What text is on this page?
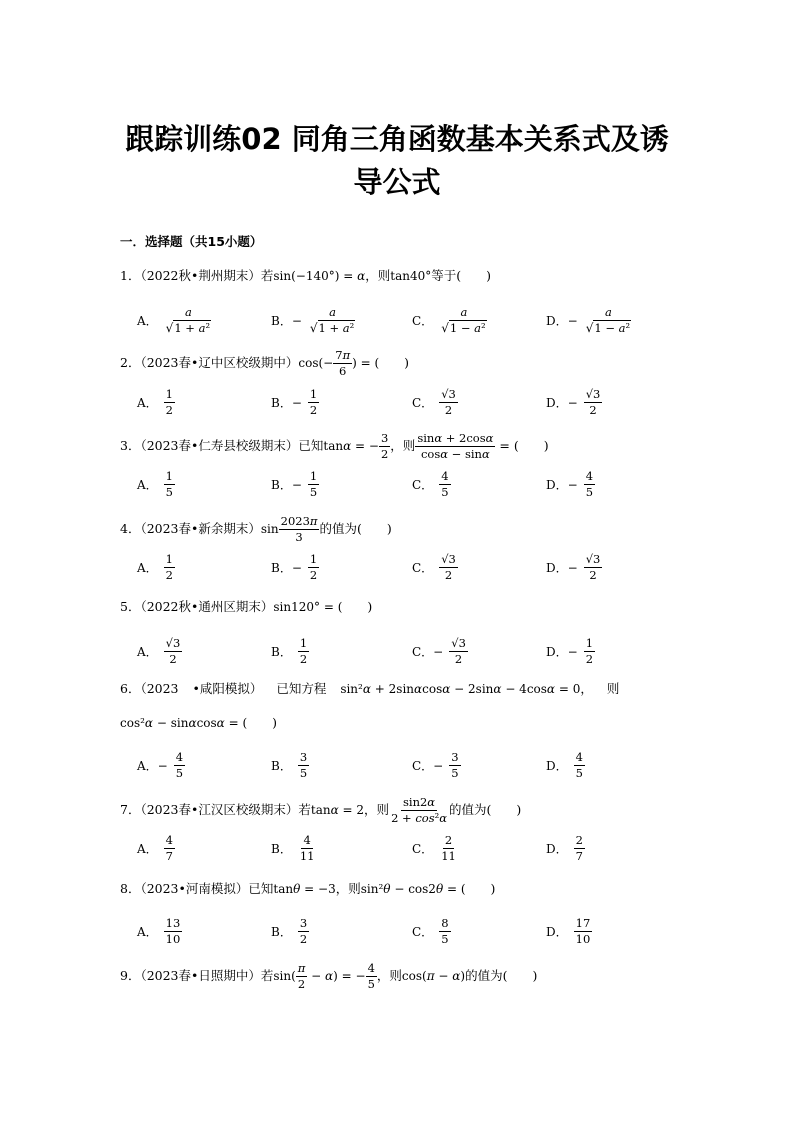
跟踪训练02 同角三角函数基本关系式及诱
导公式
一．选择题（共15小题）
1．（2022秋•荆州期末）若sin(−140°) = α，则tan40°等于(　　)
A．
a
√1 + a²	B．− $\frac{a}{\text{√1 + a²}}$	C．
a
√1 − a²	D．− $\frac{a}{\text{√1 − a²}}$
2．（2023春•辽中区校级期中）$\cos(- \frac{7\pi}{6}$ ) = (　　)
A．
1
2	B．− $\frac{1}{2}$	C．
√3
2	D．− $\frac{√3}{2}$
3．（2023春•仁寿县校级期末）已知tanα = − $\frac{3}{2}$ ，则 $\frac{\sin\alpha + 2\cos\alpha}{\cos\alpha - \sin\alpha}$ = (　　)
A．
1
5	B．− $\frac{1}{5}$	C．
4
5	D．− $\frac{4}{5}$
4．（2023春•新余期末）$\sin \frac{2023\pi}{3}$ 的值为(　　)
A．
1
2	B．− $\frac{1}{2}$	C．
√3
2	D．− $\frac{√3}{2}$
5．（2022秋•通州区期末）sin120° = (　　)
A．
√3
2	B．
1
2	C．− $\frac{√3}{2}$	D．− $\frac{1}{2}$
6．（2023 •咸阳模拟） 已知方程 sin²α + 2sinαcosα − 2sinα − 4cosα = 0， 则
cos²α − sinαcosα = (　　)
A．− $\frac{4}{5}$	B．
3
5	C．− $\frac{3}{5}$	D．
4
5
7．（2023春•江汉区校级期末）若tanα = 2，则 $\frac{\sin 2\alpha}{\text{2 + cos²α}}$ 的值为(　　)
A．
4
7	B．
4
11	C．
2
11	D．
2
7
8．（2023•河南模拟）已知tanθ = −3，则sin²θ − cos2θ = (　　)
A．
13
10	B．
3
2	C．
8
5	D．
17
10
9．（2023春•日照期中）若$\sin( \frac{\pi}{2} - \alpha)$ = − $\frac{4}{5}$ ，则cos(π − α)的值为(　　)
